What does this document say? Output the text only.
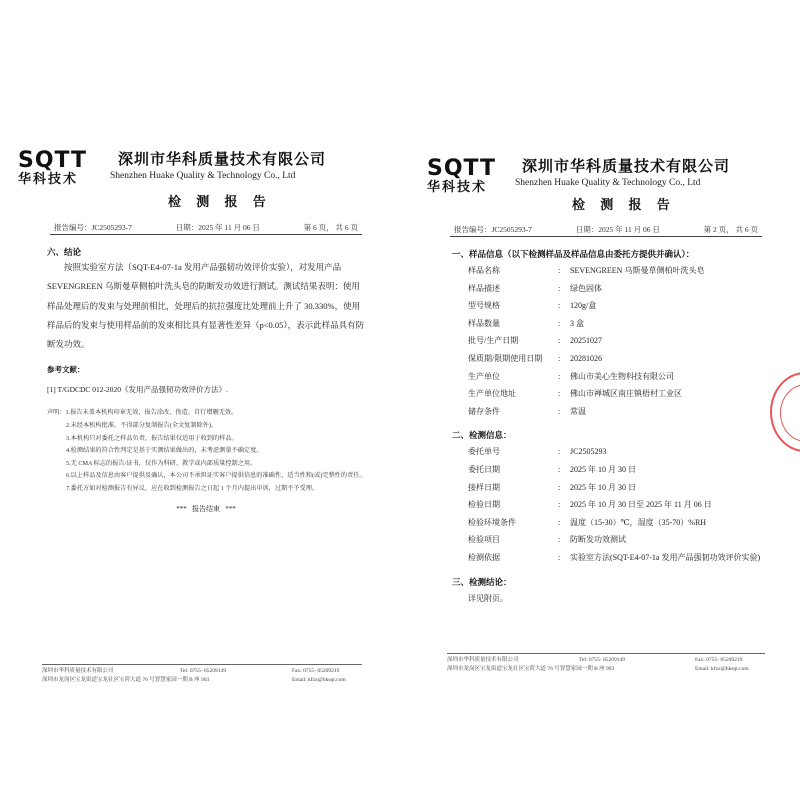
SQTT
华科技术
深圳市华科质量技术有限公司
Shenzhen Huake Quality & Technology Co., Ltd
检 测 报 告
报告编号：JC2505293-7	日期：2025 年 11 月 06 日	第 6 页， 共 6 页
六、结论
按照实验室方法（SQT-E4-07-1a 发用产品强韧功效评价实验），对发用产品 SEVENGREEN 乌斯曼草侧柏叶洗头皂的防断发功效进行测试。测试结果表明：使用样品处理后的发束与处理前相比，处理后的抗拉强度比处理前上升了 30.330%，使用样品后的发束与使用样品前的发束相比具有显著性差异（p<0.05），表示此样品具有防断发功效。
参考文献：
[1] T/GDCDC 012-2020《发用产品强韧功效评价方法》.
声明：1.报告未盖本机构印章无效，报告涂改、伪造、自行增删无效。
2.未经本机构批准，不得部分复制报告(全文复制除外)。
3.本机构只对委托之样品负责，报告结果仅适用于收到的样品。
4.检测结果的符合性判定是基于实测结果做出的，未考虑测量不确定度。
5.无 CMA 标志的报告/证书，仅作为科研、教学或内部质量控制之用。
6.以上样品及信息由客户提供及确认，本公司不承担证实客户提供信息的准确性、适当性和(或)完整性的责任。
7.委托方如对检测报告有异议，应在收到检测报告之日起 1 个月内提出申诉，过期不予受理。
***   报告结束   ***
深圳市华科质量技术有限公司
深圳市龙岗区宝龙街道宝龙社区宝荷大道 76 号智慧家园一期 B 座 903
Tel: 0755- 85209149	Fax: 0755- 85209219
Email: kfzx@hksqt.com
SQTT
华科技术
深圳市华科质量技术有限公司
Shenzhen Huake Quality & Technology Co., Ltd
检 测 报 告
报告编号：JC2505293-7	日期：2025 年 11 月 06 日	第 2 页， 共 6 页
一、样品信息（以下检测样品及样品信息由委托方提供并确认）：
样品名称	:	SEVENGREEN 乌斯曼草侧柏叶洗头皂
样品描述	:	绿色固体
型号规格	:	120g/盒
样品数量	:	3 盒
批号/生产日期	:	20251027
保质期/限期使用日期	:	20281026
生产单位	:	佛山市美心生物科技有限公司
生产单位地址	:	佛山市禅城区南庄镇梧村工业区
储存条件	:	常温
二、检测信息：
委托单号	:	JC2505293
委托日期	:	2025 年 10 月 30 日
接样日期	:	2025 年 10 月 30 日
检验日期	:	2025 年 10 月 30 日至 2025 年 11 月 06 日
检验环境条件	:	温度（15-30）℃，湿度（35-70）%RH
检验项目	:	防断发功效测试
检测依据	:	实验室方法(SQT-E4-07-1a 发用产品强韧功效评价实验)
三、检测结论：
详见附页。
深圳市华科质量技术有限公司
深圳市龙岗区宝龙街道宝龙社区宝荷大道 76 号智慧家园一期 B 座 903
Tel: 0755- 85209149	Fax: 0755- 85209219
Email: kfzx@hksqt.com
